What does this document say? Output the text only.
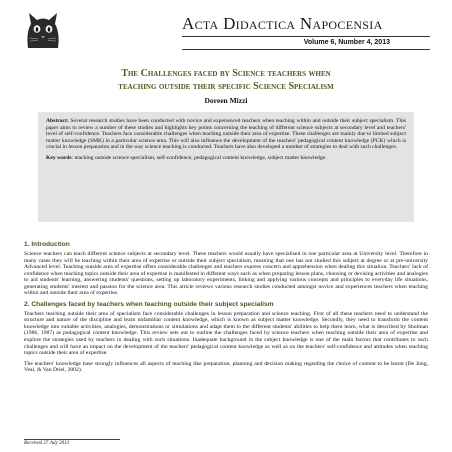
Acta Didactica Napocensia
Volume 6, Number 4, 2013
The Challenges faced by Science teachers when
teaching outside their specific Science Specialism
Doreen Mizzi
Abstract: Several research studies have been conducted with novice and experienced teachers when teaching within and outside their subject specialism. This paper aims to review a number of these studies and highlights key points concerning the teaching of different science subjects at secondary level and teachers' level of self-confidence. Teachers face considerable challenges when teaching outside their area of expertise. These challenges are mainly due to limited subject matter knowledge (SMK) in a particular science area. This will also influence the development of the teachers' pedagogical content knowledge (PCK) which is crucial in lesson preparation and in the way science teaching is conducted. Teachers have also developed a number of strategies to deal with such challenges.
Key words: teaching outside science specialism, self-confidence, pedagogical content knowledge, subject matter knowledge.
1. Introduction

Science teachers can teach different science subjects at secondary level. These teachers would usually have specialised in one particular area at University level. Therefore in many cases they will be teaching within their area of expertise or outside their subject specialism, meaning that one has not studied this subject at degree or at pre-university Advanced level. Teaching outside area of expertise offers considerable challenges and teachers express concern and apprehension when dealing this situation. Teachers' lack of confidence when teaching topics outside their area of expertise is manifested in different ways such as when preparing lesson plans, choosing or devising activities and analogies to aid students' learning, answering students' questions, setting up laboratory experiments, linking and applying various concepts and principles to everyday life situations, generating students' interest and passion for the science area. This article reviews various research studies conducted amongst novice and experiences teachers when teaching within and outside their area of expertise.

2. Challenges faced by teachers when teaching outside their subject specialism

Teachers teaching outside their area of specialism face considerable challenges in lesson preparation and science teaching. First of all these teachers need to understand the structure and nature of the discipline and learn unfamiliar content knowledge, which is known as subject matter knowledge. Secondly, they need to transform the content knowledge into suitable activities, analogies, demonstrations or simulations and adapt them to the different students' abilities to help them learn, what is described by Shulman (1986, 1987) as pedagogical content knowledge. This review sets out to outline the challenges faced by science teachers when teaching outside their area of expertise and explore the strategies used by teachers in dealing with such situations. Inadequate background in the subject knowledge is one of the main factors that contributes to such challenges and will have an impact on the development of the teachers' pedagogical content knowledge as well as on the teachers' self-confidence and attitudes when teaching topics outside their area of expertise.

The teachers' knowledge base strongly influences all aspects of teaching like preparation, planning and decision making regarding the choice of content to be learnt (De Jong, Veal, & Van Driel, 2002).

Received 27 July 2013
